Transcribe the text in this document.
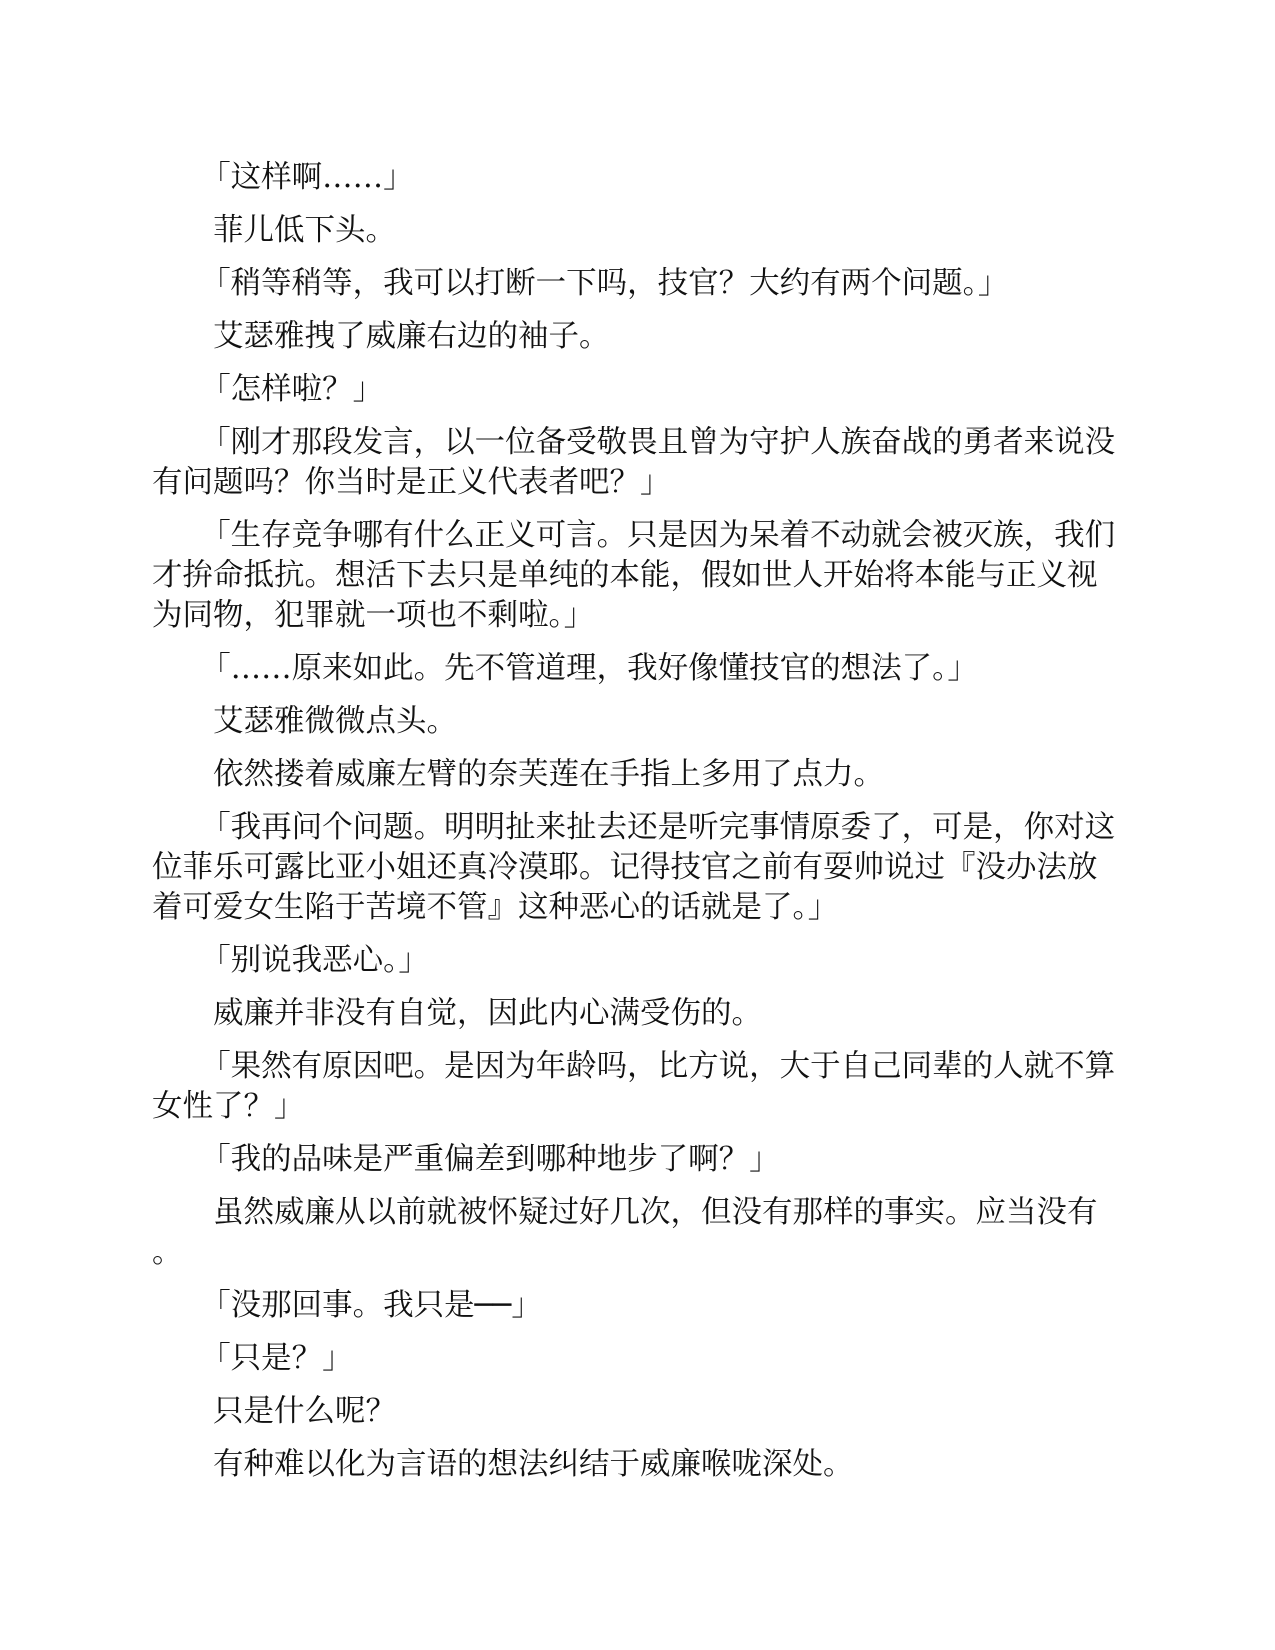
「这样啊……」

菲儿低下头。

「稍等稍等，我可以打断一下吗，技官？大约有两个问题。」

艾瑟雅拽了威廉右边的袖子。

「怎样啦？」

「刚才那段发言，以一位备受敬畏且曾为守护人族奋战的勇者来说没有问题吗？你当时是正义代表者吧？」

「生存竞争哪有什么正义可言。只是因为呆着不动就会被灭族，我们才拚命抵抗。想活下去只是单纯的本能，假如世人开始将本能与正义视为同物，犯罪就一项也不剩啦。」

「……原来如此。先不管道理，我好像懂技官的想法了。」

艾瑟雅微微点头。

依然搂着威廉左臂的奈芙莲在手指上多用了点力。

「我再问个问题。明明扯来扯去还是听完事情原委了，可是，你对这位菲乐可露比亚小姐还真冷漠耶。记得技官之前有耍帅说过『没办法放着可爱女生陷于苦境不管』这种恶心的话就是了。」

「别说我恶心。」

威廉并非没有自觉，因此内心满受伤的。

「果然有原因吧。是因为年龄吗，比方说，大于自己同辈的人就不算女性了？」

「我的品味是严重偏差到哪种地步了啊？」

虽然威廉从以前就被怀疑过好几次，但没有那样的事实。应当没有。

「没那回事。我只是──」

「只是？」

只是什么呢？

有种难以化为言语的想法纠结于威廉喉咙深处。
